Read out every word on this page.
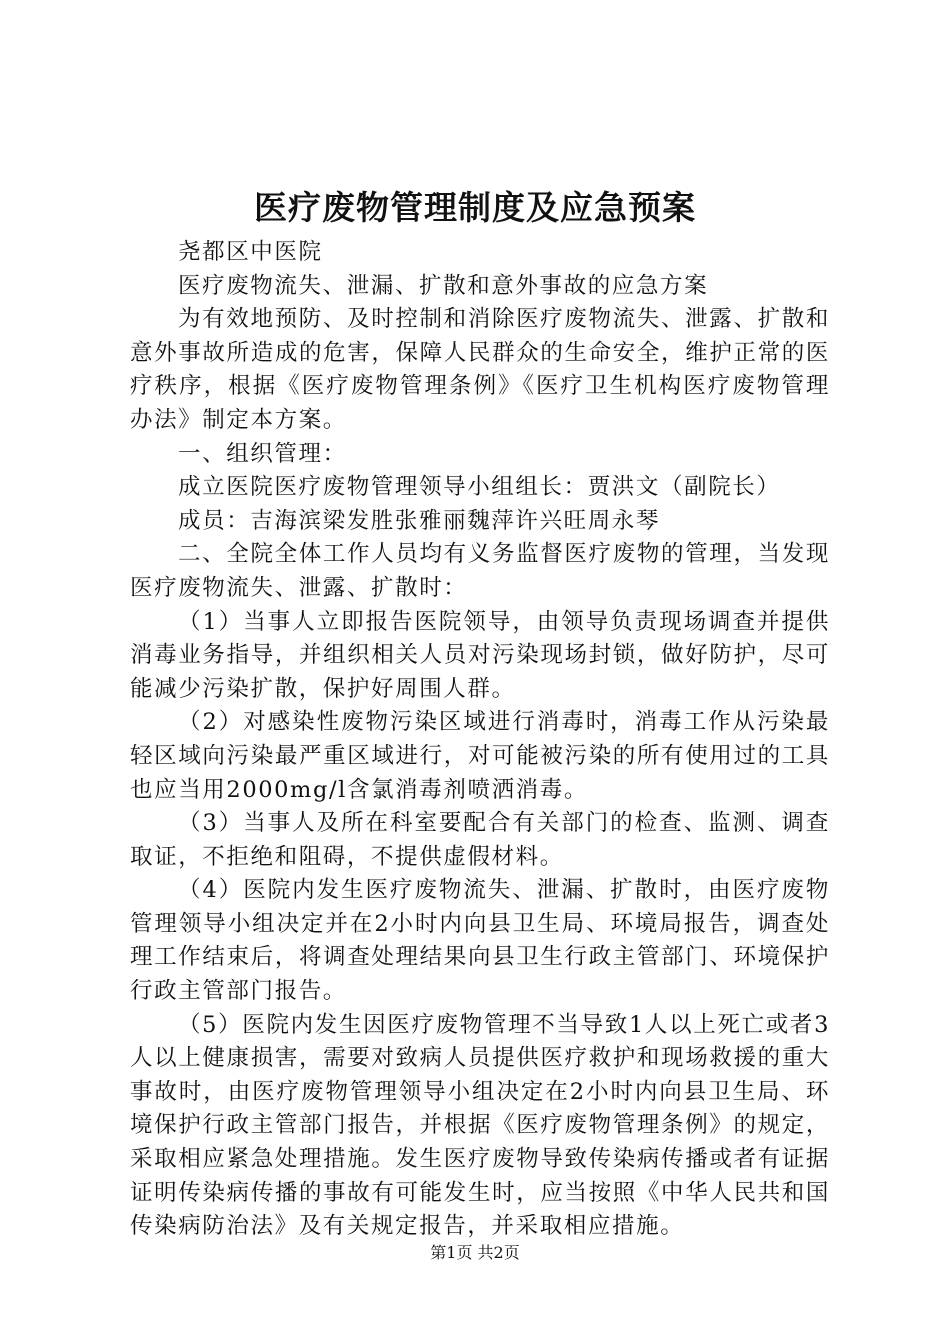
医疗废物管理制度及应急预案

尧都区中医院

医疗废物流失、泄漏、扩散和意外事故的应急方案

为有效地预防、及时控制和消除医疗废物流失、泄露、扩散和意外事故所造成的危害，保障人民群众的生命安全，维护正常的医疗秩序，根据《医疗废物管理条例》《医疗卫生机构医疗废物管理办法》制定本方案。

一、组织管理：

成立医院医疗废物管理领导小组组长：贾洪文（副院长）

成员：吉海滨梁发胜张雅丽魏萍许兴旺周永琴

二、全院全体工作人员均有义务监督医疗废物的管理，当发现医疗废物流失、泄露、扩散时：

（1）当事人立即报告医院领导，由领导负责现场调查并提供消毒业务指导，并组织相关人员对污染现场封锁，做好防护，尽可能减少污染扩散，保护好周围人群。

（2）对感染性废物污染区域进行消毒时，消毒工作从污染最轻区域向污染最严重区域进行，对可能被污染的所有使用过的工具也应当用2000mg/l含氯消毒剂喷洒消毒。

（3）当事人及所在科室要配合有关部门的检查、监测、调查取证，不拒绝和阻碍，不提供虚假材料。

（4）医院内发生医疗废物流失、泄漏、扩散时，由医疗废物管理领导小组决定并在2小时内向县卫生局、环境局报告，调查处理工作结束后，将调查处理结果向县卫生行政主管部门、环境保护行政主管部门报告。

（5）医院内发生因医疗废物管理不当导致1人以上死亡或者3人以上健康损害，需要对致病人员提供医疗救护和现场救援的重大事故时，由医疗废物管理领导小组决定在2小时内向县卫生局、环境保护行政主管部门报告，并根据《医疗废物管理条例》的规定，采取相应紧急处理措施。发生医疗废物导致传染病传播或者有证据证明传染病传播的事故有可能发生时，应当按照《中华人民共和国传染病防治法》及有关规定报告，并采取相应措施。

第1页 共2页
